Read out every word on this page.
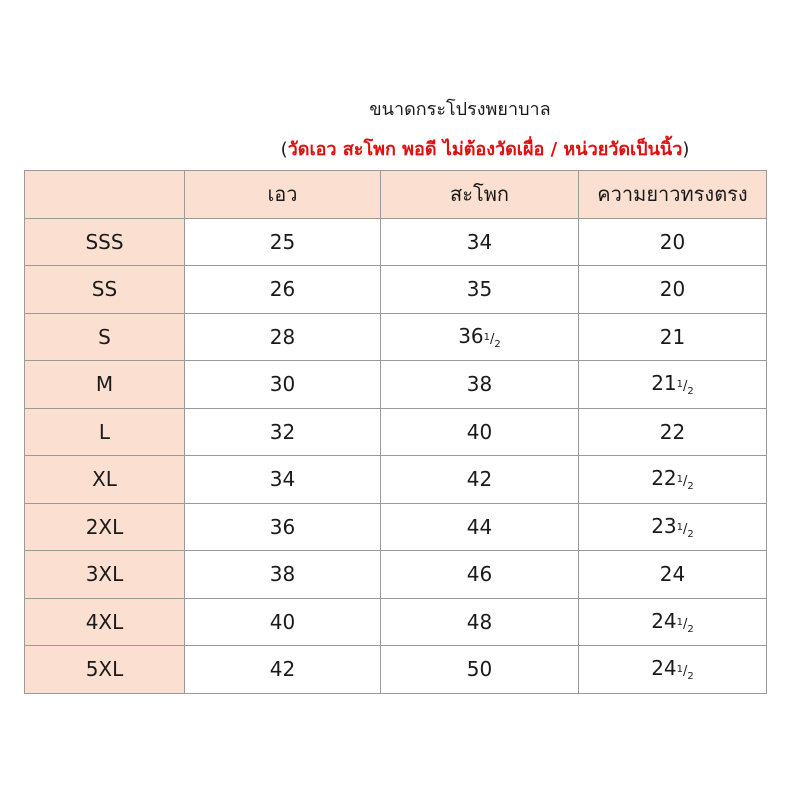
ขนาดกระโปรงพยาบาล
(วัดเอว สะโพก พอดี ไม่ต้องวัดเผื่อ / หน่วยวัดเป็นนิ้ว)
	เอว	สะโพก	ความยาวทรงตรง
SSS	25	34	20
SS	26	35	20
S	28	$36^1/_2$	21
M	30	38	$21^1/_2$
L	32	40	22
XL	34	42	$22^1/_2$
2XL	36	44	$23^1/_2$
3XL	38	46	24
4XL	40	48	$24^1/_2$
5XL	42	50	$24^1/_2$
